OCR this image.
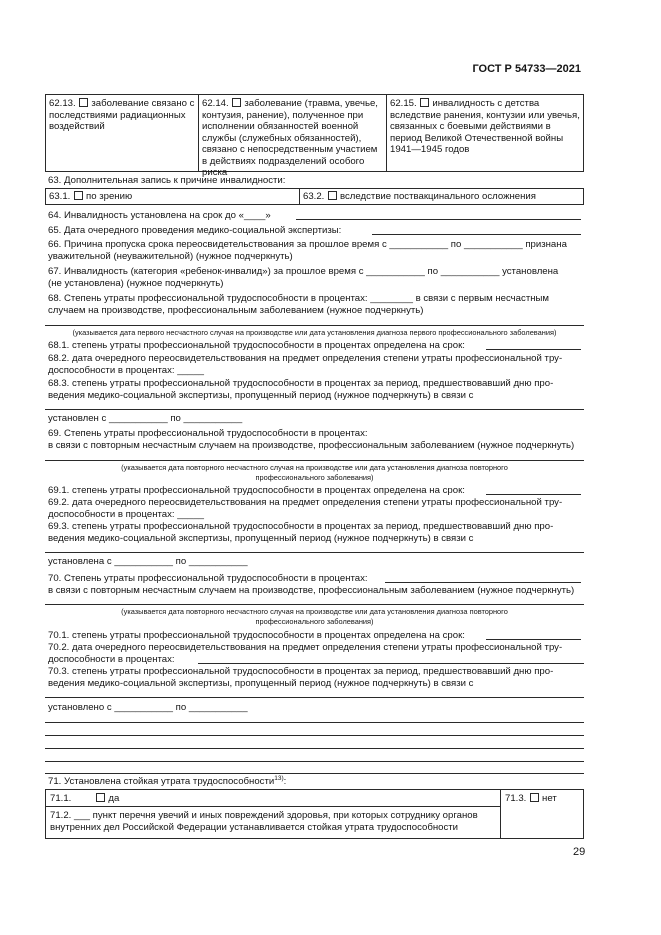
ГОСТ Р 54733—2021
62.13. заболевание связано с последствиями радиационных воздействий
62.14. заболевание (травма, увечье, контузия, ранение), полученное при исполнении обязанностей военной службы (служебных обязанностей), связано с непосредственным участием в действиях подразделений особого риска
62.15. инвалидность с детства вследствие ранения, контузии или увечья, связанных с боевыми действиями в период Великой Отечественной войны 1941—1945 годов
63. Дополнительная запись к причине инвалидности:
63.1. по зрению	63.2. вследствие поствакцинального осложнения
64. Инвалидность установлена на срок до «____»
65. Дата очередного проведения медико-социальной экспертизы:
66. Причина пропуска срока переосвидетельствования за прошлое время с ___________ по ___________ признана
уважительной (неуважительной) (нужное подчеркнуть)
67. Инвалидность (категория «ребенок-инвалид») за прошлое время с ___________ по ___________ установлена
(не установлена) (нужное подчеркнуть)
68. Степень утраты профессиональной трудоспособности в процентах: ________ в связи с первым несчастным
случаем на производстве, профессиональным заболеванием (нужное подчеркнуть)
(указывается дата первого несчастного случая на производстве или дата установления диагноза первого профессионального заболевания)
68.1. степень утраты профессиональной трудоспособности в процентах определена на срок:
68.2. дата очередного переосвидетельствования на предмет определения степени утраты профессиональной тру-
доспособности в процентах: _____
68.3. степень утраты профессиональной трудоспособности в процентах за период, предшествовавший дню про-
ведения медико-социальной экспертизы, пропущенный период (нужное подчеркнуть) в связи с
установлен с ___________ по ___________
69. Степень утраты профессиональной трудоспособности в процентах:
в связи с повторным несчастным случаем на производстве, профессиональным заболеванием (нужное подчеркнуть)
(указывается дата повторного несчастного случая на производстве или дата установления диагноза повторного
профессионального заболевания)
69.1. степень утраты профессиональной трудоспособности в процентах определена на срок:
69.2. дата очередного переосвидетельствования на предмет определения степени утраты профессиональной тру-
доспособности в процентах: _____
69.3. степень утраты профессиональной трудоспособности в процентах за период, предшествовавший дню про-
ведения медико-социальной экспертизы, пропущенный период (нужное подчеркнуть) в связи с
установлена с ___________ по ___________
70. Степень утраты профессиональной трудоспособности в процентах:
в связи с повторным несчастным случаем на производстве, профессиональным заболеванием (нужное подчеркнуть)
(указывается дата повторного несчастного случая на производстве или дата установления диагноза повторного
профессионального заболевания)
70.1. степень утраты профессиональной трудоспособности в процентах определена на срок:
70.2. дата очередного переосвидетельствования на предмет определения степени утраты профессиональной тру-
доспособности в процентах:
70.3. степень утраты профессиональной трудоспособности в процентах за период, предшествовавший дню про-
ведения медико-социальной экспертизы, пропущенный период (нужное подчеркнуть) в связи с
установлено с ___________ по ___________
71. Установлена стойкая утрата трудоспособности$^{13)}$:
71.1.	да	71.3. нет
71.2. ___ пункт перечня увечий и иных повреждений здоровья, при которых сотруднику органов
внутренних дел Российской Федерации устанавливается стойкая утрата трудоспособности
29
